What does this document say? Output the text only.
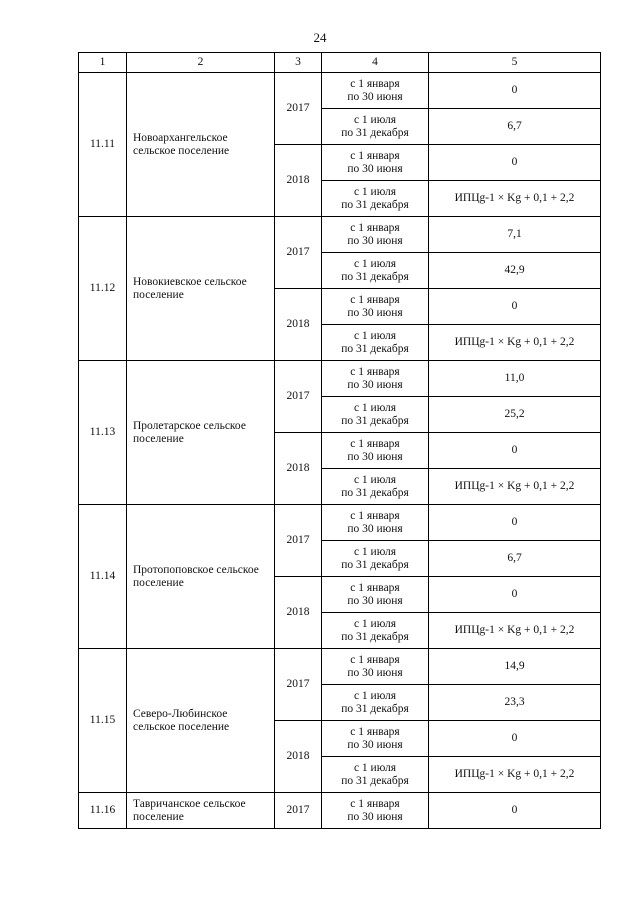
24
1	2	3	4	5
11.11	Новоархангельское сельское поселение	2017	с 1 января
по 30 июня	0

			с 1 июля
по 31 декабря	6,7
		2018	с 1 января
по 30 июня	0

			с 1 июля
по 31 декабря	ИПЦg-1 × Kg + 0,1 + 2,2
11.12	Новокиевское сельское поселение	2017	с 1 января
по 30 июня	7,1

			с 1 июля
по 31 декабря	42,9
		2018	с 1 января
по 30 июня	0

			с 1 июля
по 31 декабря	ИПЦg-1 × Kg + 0,1 + 2,2
11.13	Пролетарское сельское поселение	2017	с 1 января
по 30 июня	11,0

			с 1 июля
по 31 декабря	25,2
		2018	с 1 января
по 30 июня	0

			с 1 июля
по 31 декабря	ИПЦg-1 × Kg + 0,1 + 2,2
11.14	Протопоповское сельское поселение	2017	с 1 января
по 30 июня	0

			с 1 июля
по 31 декабря	6,7
		2018	с 1 января
по 30 июня	0

			с 1 июля
по 31 декабря	ИПЦg-1 × Kg + 0,1 + 2,2
11.15	Северо-Любинское сельское поселение	2017	с 1 января
по 30 июня	14,9

			с 1 июля
по 31 декабря	23,3
		2018	с 1 января
по 30 июня	0

			с 1 июля
по 31 декабря	ИПЦg-1 × Kg + 0,1 + 2,2
11.16	Тавричанское сельское поселение	2017	с 1 января
по 30 июня	0
